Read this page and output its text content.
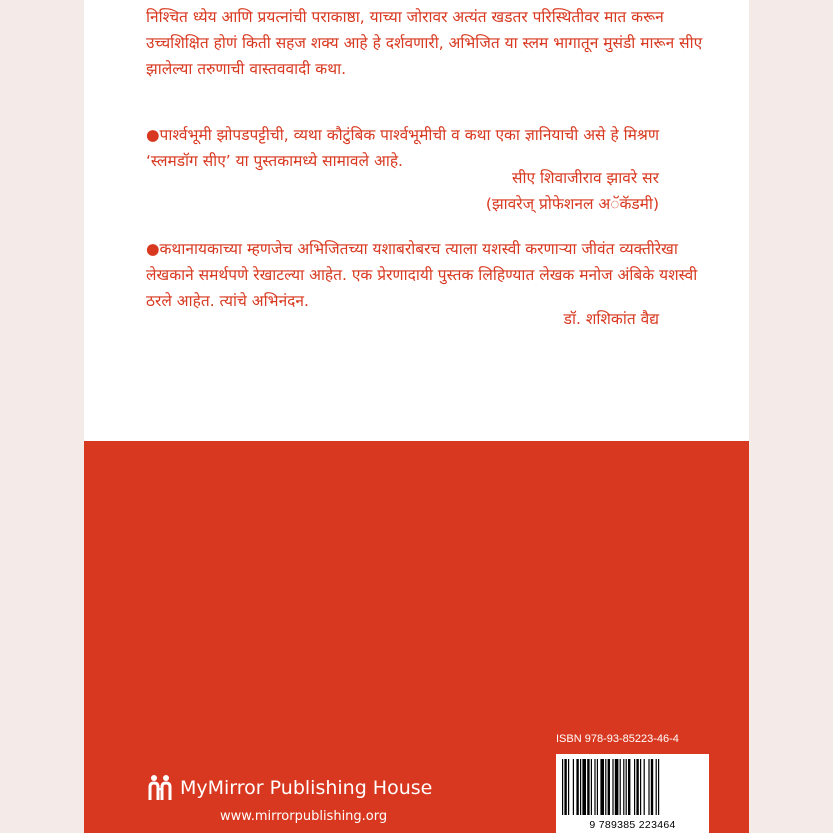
निश्चित ध्येय आणि प्रयत्नांची पराकाष्ठा, याच्या जोरावर अत्यंत खडतर परिस्थितीवर मात करून उच्चशिक्षित होणं किती सहज शक्य आहे हे दर्शवणारी, अभिजित या स्लम भागातून मुसंडी मारून सीए झालेल्या तरुणाची वास्तववादी कथा.

●पार्श्वभूमी झोपडपट्टीची, व्यथा कौटुंबिक पार्श्वभूमीची व कथा एका ज्ञानियाची असे हे मिश्रण ‘स्लमडॉग सीए’ या पुस्तकामध्ये सामावले आहे.

सीए शिवाजीराव झावरे सर
(झावरेज् प्रोफेशनल अॅकॅडमी)

●कथानायकाच्या म्हणजेच अभिजितच्या यशाबरोबरच त्याला यशस्वी करणाऱ्या जीवंत व्यक्तीरेखा लेखकाने समर्थपणे रेखाटल्या आहेत. एक प्रेरणादायी पुस्तक लिहिण्यात लेखक मनोज अंबिके यशस्वी ठरले आहेत. त्यांचे अभिनंदन.

डॉ. शशिकांत वैद्य
ISBN 978-93-85223-46-4
9 789385 223464
MyMirror Publishing House
www.mirrorpublishing.org
